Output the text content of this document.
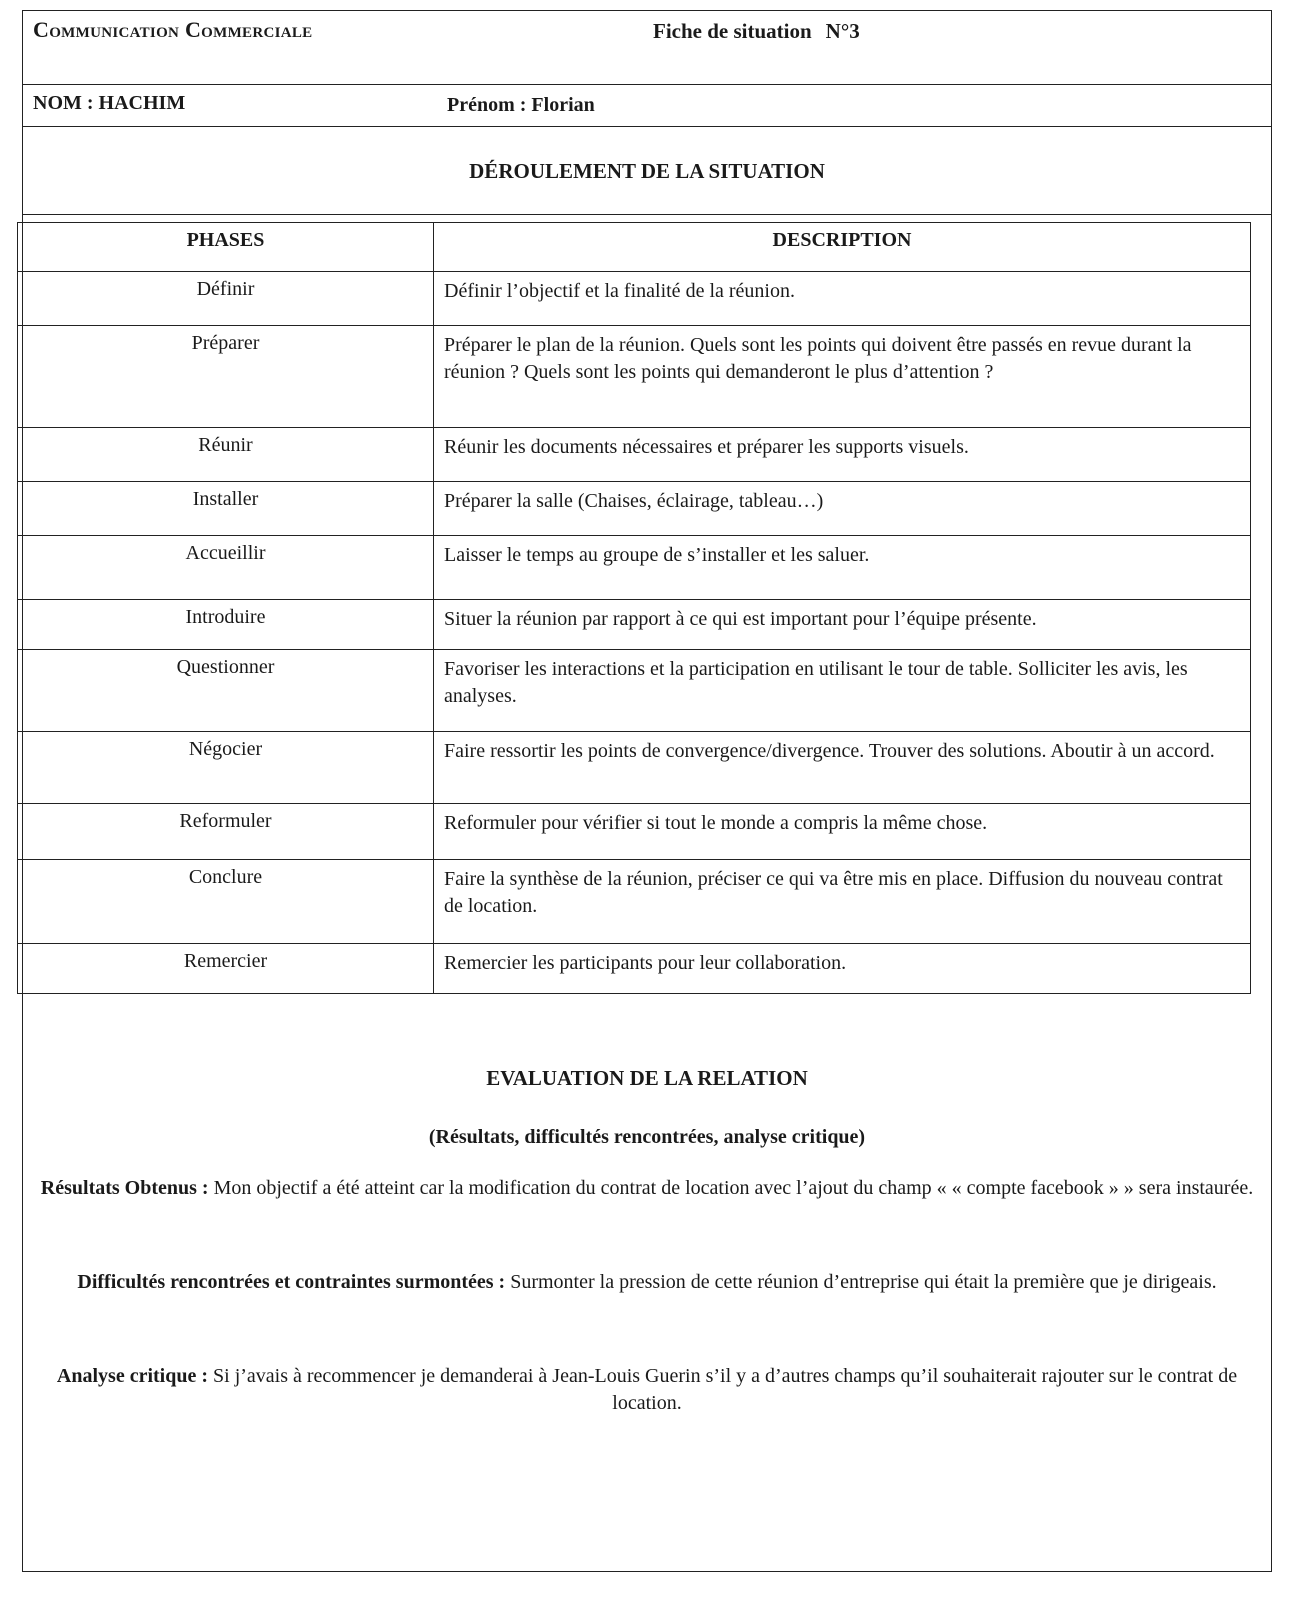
Communication Commerciale	Fiche de situation N°3
NOM : HACHIM	Prénom : Florian
DÉROULEMENT DE LA SITUATION
PHASES	DESCRIPTION
Définir	Définir l’objectif et la finalité de la réunion.
Préparer	Préparer le plan de la réunion. Quels sont les points qui doivent être passés en revue durant la réunion ? Quels sont les points qui demanderont le plus d’attention ?
Réunir	Réunir les documents nécessaires et préparer les supports visuels.
Installer	Préparer la salle (Chaises, éclairage, tableau…)
Accueillir	Laisser le temps au groupe de s’installer et les saluer.
Introduire	Situer la réunion par rapport à ce qui est important pour l’équipe présente.
Questionner	Favoriser les interactions et la participation en utilisant le tour de table. Solliciter les avis, les analyses.
Négocier	Faire ressortir les points de convergence/divergence. Trouver des solutions. Aboutir à un accord.
Reformuler	Reformuler pour vérifier si tout le monde a compris la même chose.
Conclure	Faire la synthèse de la réunion, préciser ce qui va être mis en place. Diffusion du nouveau contrat de location.
Remercier	Remercier les participants pour leur collaboration.
EVALUATION DE LA RELATION
(Résultats, difficultés rencontrées, analyse critique)
Résultats Obtenus : Mon objectif a été atteint car la modification du contrat de location avec l’ajout du champ « « compte facebook » » sera instaurée.
Difficultés rencontrées et contraintes surmontées : Surmonter la pression de cette réunion d’entreprise qui était la première que je dirigeais.
Analyse critique : Si j’avais à recommencer je demanderai à Jean-Louis Guerin s’il y a d’autres champs qu’il souhaiterait rajouter sur le contrat de location.
